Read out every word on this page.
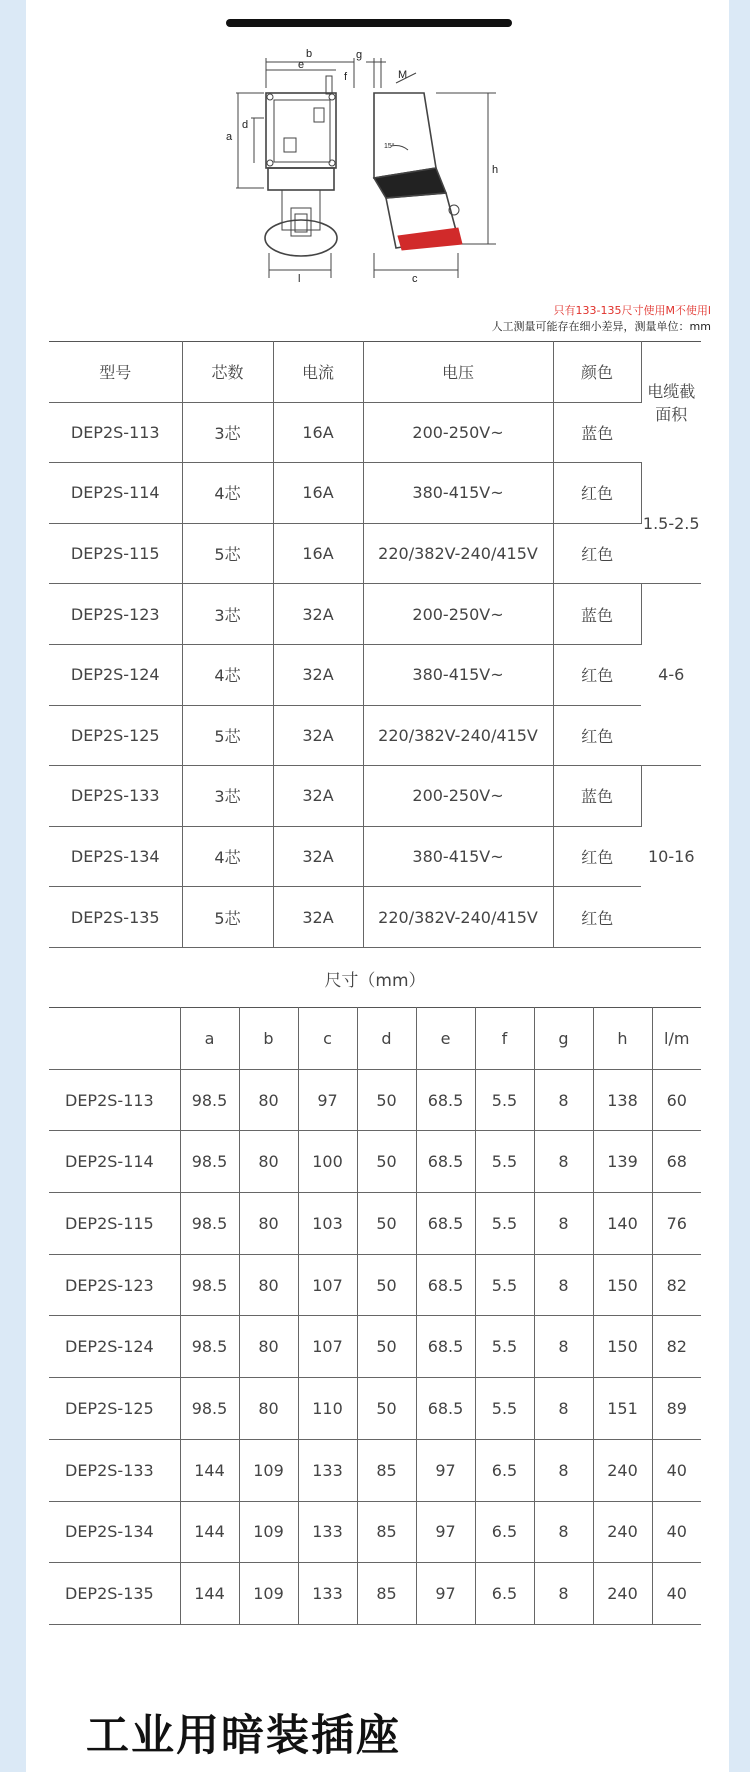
b
e
f
a
d
l
g
M
h
c
15°
只有133-135尺寸使用M不使用l
人工测量可能存在细小差异，测量单位：mm
型号	芯数	电流	电压	颜色	电缆截面积
DEP2S-113	3芯	16A	200-250V~	蓝色	
DEP2S-114	4芯	16A	380-415V~	红色	1.5-2.5
DEP2S-115	5芯	16A	220/382V-240/415V	红色	
DEP2S-123	3芯	32A	200-250V~	蓝色	4-6
DEP2S-124	4芯	32A	380-415V~	红色	
DEP2S-125	5芯	32A	220/382V-240/415V	红色	
DEP2S-133	3芯	32A	200-250V~	蓝色	10-16
DEP2S-134	4芯	32A	380-415V~	红色	
DEP2S-135	5芯	32A	220/382V-240/415V	红色	
尺寸（mm）
	a	b	c	d	e	f	g	h	l/m
DEP2S-113	98.5	80	97	50	68.5	5.5	8	138	60
DEP2S-114	98.5	80	100	50	68.5	5.5	8	139	68
DEP2S-115	98.5	80	103	50	68.5	5.5	8	140	76
DEP2S-123	98.5	80	107	50	68.5	5.5	8	150	82
DEP2S-124	98.5	80	107	50	68.5	5.5	8	150	82
DEP2S-125	98.5	80	110	50	68.5	5.5	8	151	89
DEP2S-133	144	109	133	85	97	6.5	8	240	40
DEP2S-134	144	109	133	85	97	6.5	8	240	40
DEP2S-135	144	109	133	85	97	6.5	8	240	40
工业用暗装插座
